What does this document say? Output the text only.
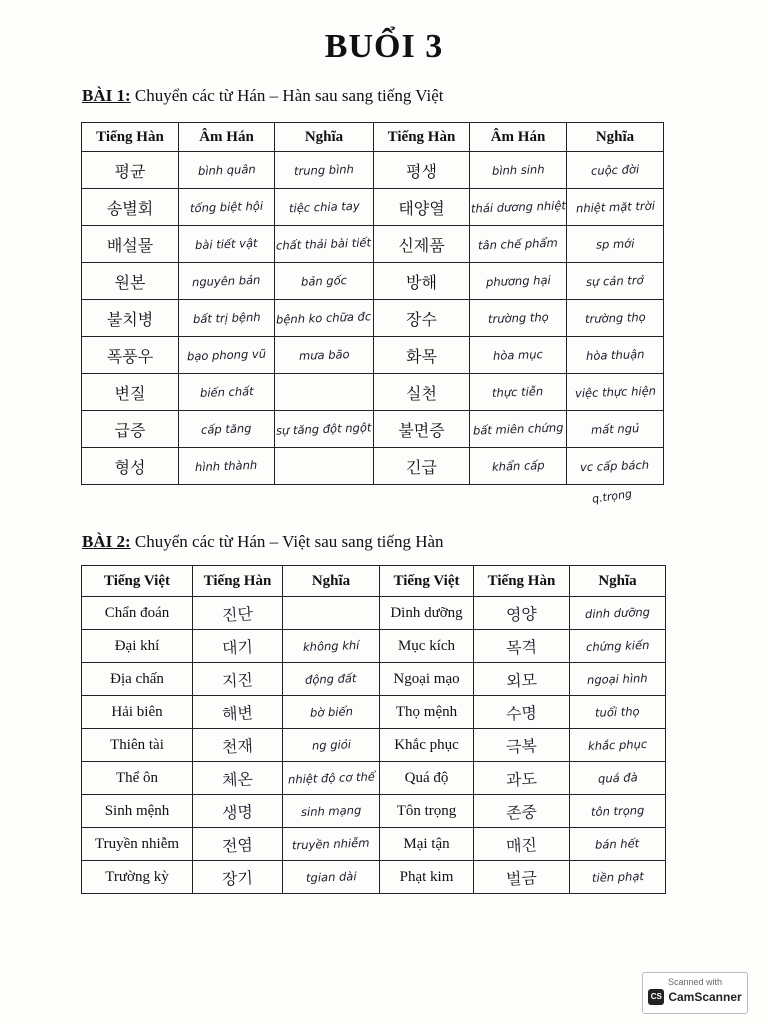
BUỔI 3
BÀI 1: Chuyển các từ Hán – Hàn sau sang tiếng Việt
Tiếng Hàn	Âm Hán	Nghĩa	Tiếng Hàn	Âm Hán	Nghĩa
평균	bình quân	trung bình	평생	bình sinh	cuộc đời
송별회	tống biệt hội	tiệc chia tay	태양열	thái dương nhiệt	nhiệt mặt trời
배설물	bài tiết vật	chất thải bài tiết	신제품	tân chế phẩm	sp mới
원본	nguyên bản	bản gốc	방해	phương hại	sự cản trở
불치병	bất trị bệnh	bệnh ko chữa đc	장수	trường thọ	trường thọ
폭풍우	bạo phong vũ	mưa bão	화목	hòa mục	hòa thuận
변질	biến chất		실천	thực tiễn	việc thực hiện
급증	cấp tăng	sự tăng đột ngột	불면증	bất miên chứng	mất ngủ
형성	hình thành		긴급	khẩn cấp	vc cấp bách
q.trọng
BÀI 2: Chuyển các từ Hán – Việt sau sang tiếng Hàn
Tiếng Việt	Tiếng Hàn	Nghĩa	Tiếng Việt	Tiếng Hàn	Nghĩa
Chẩn đoán	진단		Dinh dưỡng	영양	dinh dưỡng
Đại khí	대기	không khí	Mục kích	목격	chứng kiến
Địa chấn	지진	động đất	Ngoại mạo	외모	ngoại hình
Hải biên	해변	bờ biển	Thọ mệnh	수명	tuổi thọ
Thiên tài	천재	ng giỏi	Khắc phục	극복	khắc phục
Thể ôn	체온	nhiệt độ cơ thể	Quá độ	과도	quá đà
Sinh mệnh	생명	sinh mạng	Tôn trọng	존중	tôn trọng
Truyền nhiễm	전염	truyền nhiễm	Mại tận	매진	bán hết
Trường kỳ	장기	tgian dài	Phạt kim	벌금	tiền phạt
Scanned with
CS CamScanner
